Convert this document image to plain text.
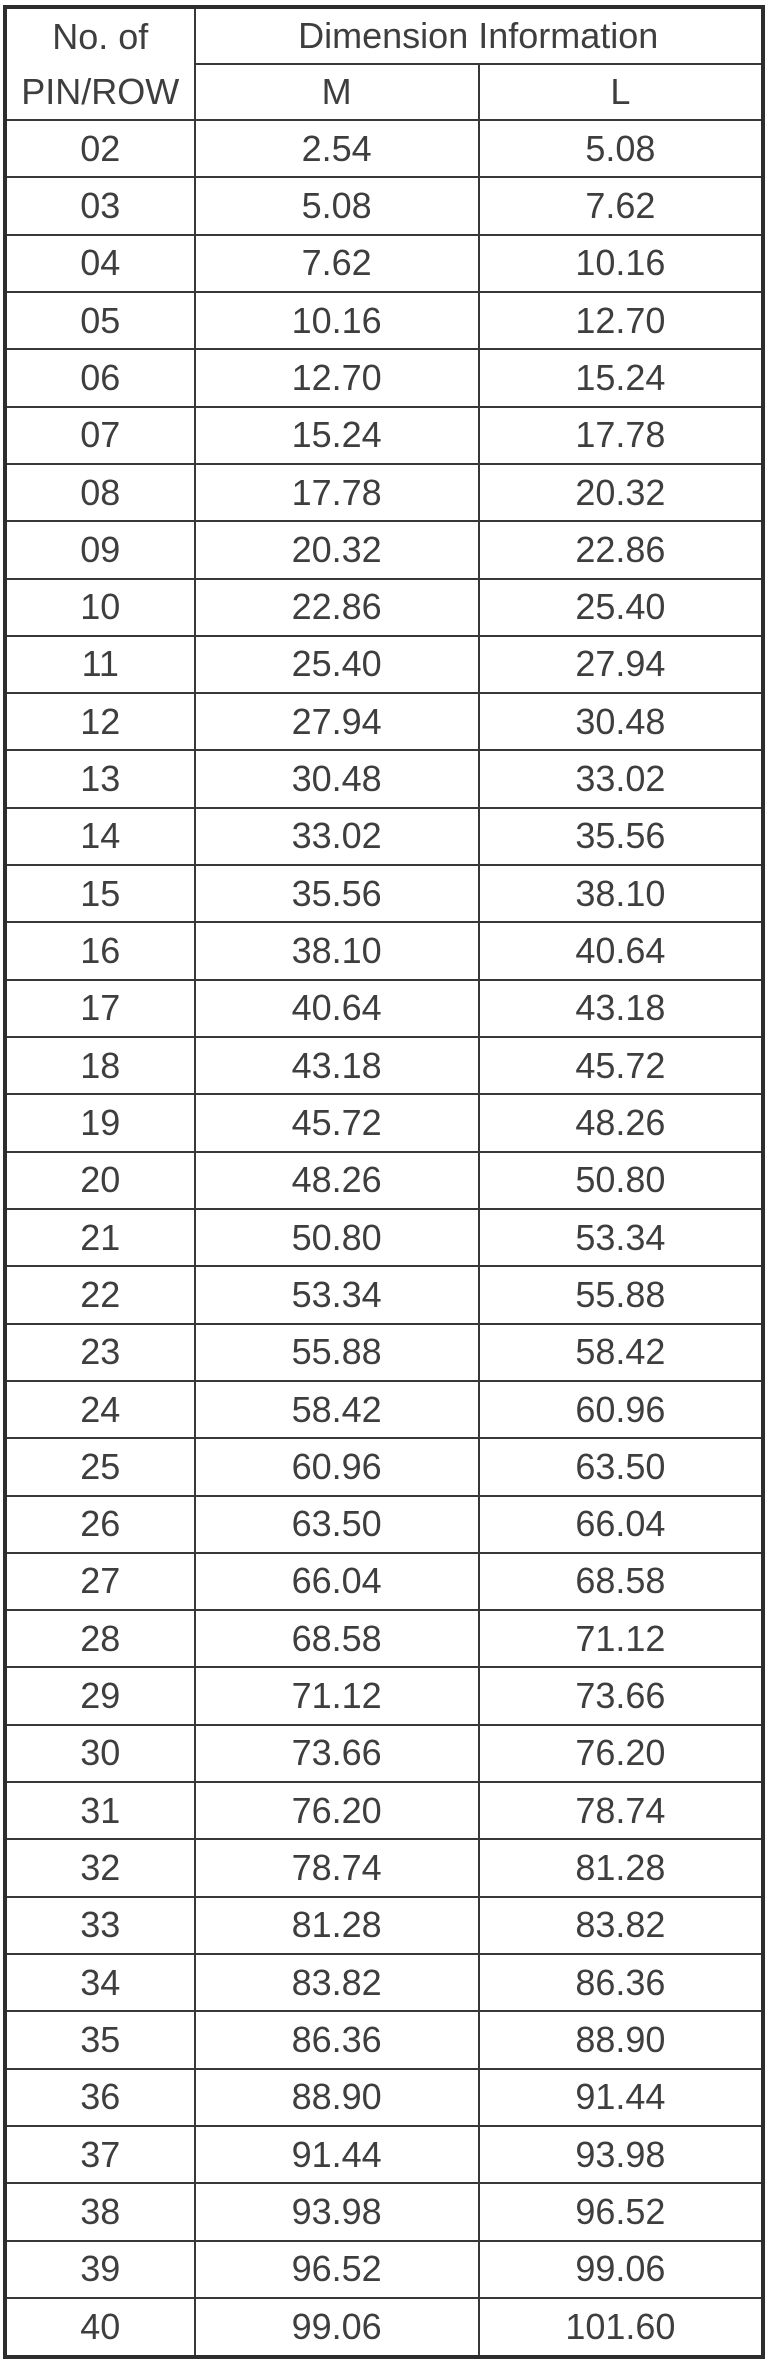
No. of
PIN/ROW	Dimension Information	
	M	L
02	2.54	5.08
03	5.08	7.62
04	7.62	10.16
05	10.16	12.70
06	12.70	15.24
07	15.24	17.78
08	17.78	20.32
09	20.32	22.86
10	22.86	25.40
11	25.40	27.94
12	27.94	30.48
13	30.48	33.02
14	33.02	35.56
15	35.56	38.10
16	38.10	40.64
17	40.64	43.18
18	43.18	45.72
19	45.72	48.26
20	48.26	50.80
21	50.80	53.34
22	53.34	55.88
23	55.88	58.42
24	58.42	60.96
25	60.96	63.50
26	63.50	66.04
27	66.04	68.58
28	68.58	71.12
29	71.12	73.66
30	73.66	76.20
31	76.20	78.74
32	78.74	81.28
33	81.28	83.82
34	83.82	86.36
35	86.36	88.90
36	88.90	91.44
37	91.44	93.98
38	93.98	96.52
39	96.52	99.06
40	99.06	101.60
